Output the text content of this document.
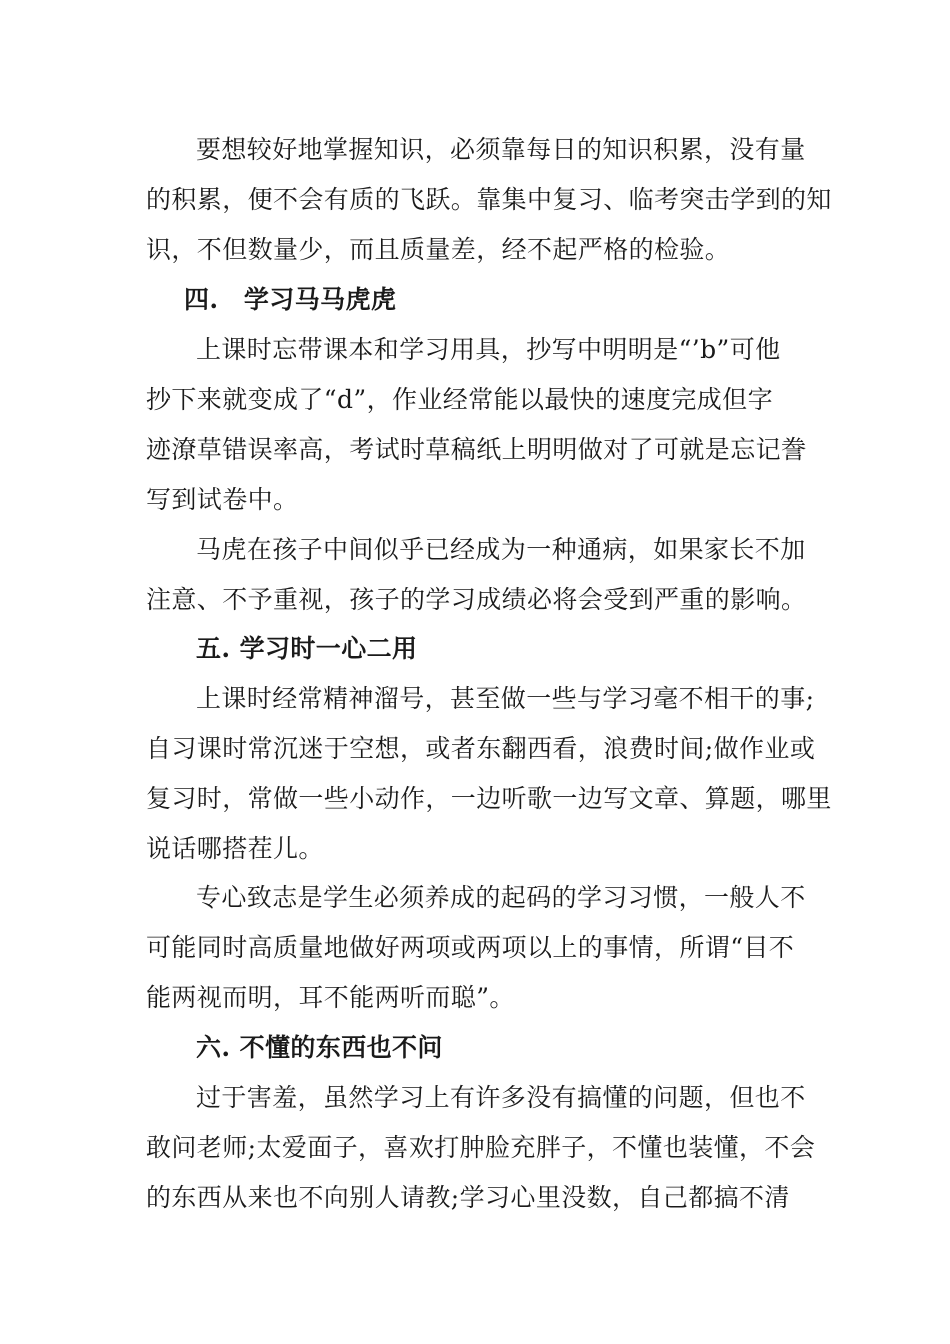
要想较好地掌握知识，必须靠每日的知识积累，没有量
的积累，便不会有质的飞跃。靠集中复习、临考突击学到的知
识，不但数量少，而且质量差，经不起严格的检验。
四.　学习马马虎虎
上课时忘带课本和学习用具，抄写中明明是“’b”可他
抄下来就变成了“d”，作业经常能以最快的速度完成但字
迹潦草错误率高，考试时草稿纸上明明做对了可就是忘记誊
写到试卷中。
马虎在孩子中间似乎已经成为一种通病，如果家长不加
注意、不予重视，孩子的学习成绩必将会受到严重的影响。
五. 学习时一心二用
上课时经常精神溜号，甚至做一些与学习毫不相干的事;
自习课时常沉迷于空想，或者东翻西看，浪费时间;做作业或
复习时，常做一些小动作，一边听歌一边写文章、算题，哪里
说话哪搭茬儿。
专心致志是学生必须养成的起码的学习习惯，一般人不
可能同时高质量地做好两项或两项以上的事情，所谓“目不
能两视而明，耳不能两听而聪”。
六. 不懂的东西也不问
过于害羞，虽然学习上有许多没有搞懂的问题，但也不
敢问老师;太爱面子，喜欢打肿脸充胖子，不懂也装懂，不会
的东西从来也不向别人请教;学习心里没数，自己都搞不清
